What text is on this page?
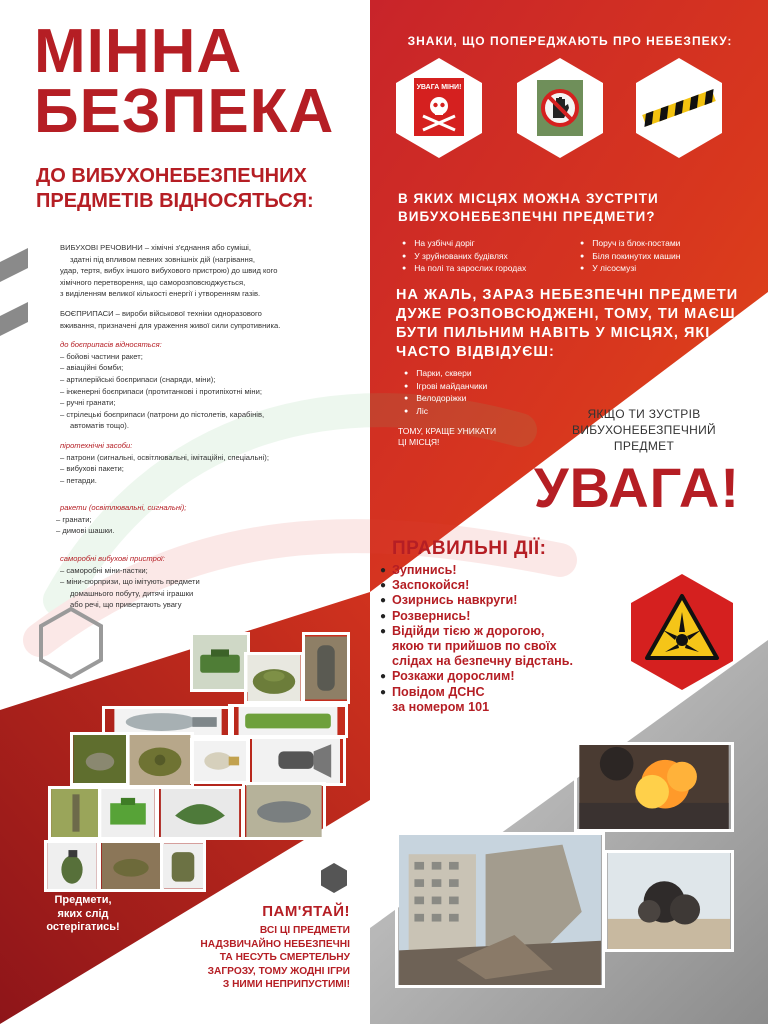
МІННА
БЕЗПЕКА
ДО ВИБУХОНЕБЕЗПЕЧНИХ ПРЕДМЕТІВ ВІДНОСЯТЬСЯ:

ВИБУХОВІ РЕЧОВИНИ – хімічні з'єднання або суміші,

здатні під впливом певних зовнішніх дій (нагрівання,

удар, тертя, вибух іншого вибухового пристрою) до швид кого

хімічного перетворення, що саморозповсюджується,

з виділенням великої кількості енергії і утворенням газів.

БОЄПРИПАСИ – вироби військової техніки одноразового

вживання, призначені для ураження живої сили супротивника.

до боєприпасів відносяться:

– бойові частини ракет;

– авіаційні бомби;

– артилерійські боєприпаси (снаряди, міни);

– інженерні боєприпаси (протитанкові і протипіхотні міни;

– ручні гранати;

– стрілецькі боєприпаси (патрони до пістолетів, карабінів,

автоматів тощо).

піротехнічні засоби:

– патрони (сигнальні, освітлювальні, імітаційні, спеціальні);

– вибухові пакети;

– петарди.

ракети (освітлювальні, сигнальні);

– гранати;

– димові шашки.

саморобні вибухові пристрої:

– саморобні міни-пастки;

– міни-сюрпризи, що імітують предмети

домашнього побуту, дитячі іграшки

або речі, що привертають увагу

ЗНАКИ, ЩО ПОПЕРЕДЖАЮТЬ ПРО НЕБЕЗПЕКУ:
УВАГА МІНИ!
В ЯКИХ МІСЦЯХ МОЖНА ЗУСТРІТИ ВИБУХОНЕБЕЗПЕЧНІ ПРЕДМЕТИ?
● На узбіччі доріг
● У зруйнованих будівлях
● На полі та зарослих городах
● Поруч із блок-постами
● Біля покинутих машин
● У лісосмузі
НА ЖАЛЬ, ЗАРАЗ НЕБЕЗПЕЧНІ ПРЕДМЕТИ ДУЖЕ РОЗПОВСЮДЖЕНІ, ТОМУ, ТИ МАЄШ БУТИ ПИЛЬНИМ НАВІТЬ У МІСЦЯХ, ЯКІ ЧАСТО ВІДВІДУЄШ:
● Парки, сквери
● Ігрові майданчики
● Велодоріжки
● Ліс
ТОМУ, КРАЩЕ УНИКАТИ
ЦІ МІСЦЯ!
ЯКЩО ТИ ЗУСТРІВ
ВИБУХОНЕБЕЗПЕЧНИЙ
ПРЕДМЕТ
УВАГА!
ПРАВИЛЬНІ ДІЇ:
● Зупинись!
● Заспокойся!
● Озирнись навкруги!
● Розвернись!
● Відійди тією ж дорогою,
якою ти прийшов по своїх
слідах на безпечну відстань.
● Розкажи дорослим!
● Повідом ДСНС
за номером 101
Предмети,
яких слід
остерігатись!
ПАМ'ЯТАЙ!
ВСІ ЦІ ПРЕДМЕТИ
НАДЗВИЧАЙНО НЕБЕЗПЕЧНІ
ТА НЕСУТЬ СМЕРТЕЛЬНУ
ЗАГРОЗУ, ТОМУ ЖОДНІ ІГРИ
З НИМИ НЕПРИПУСТИМІ!
